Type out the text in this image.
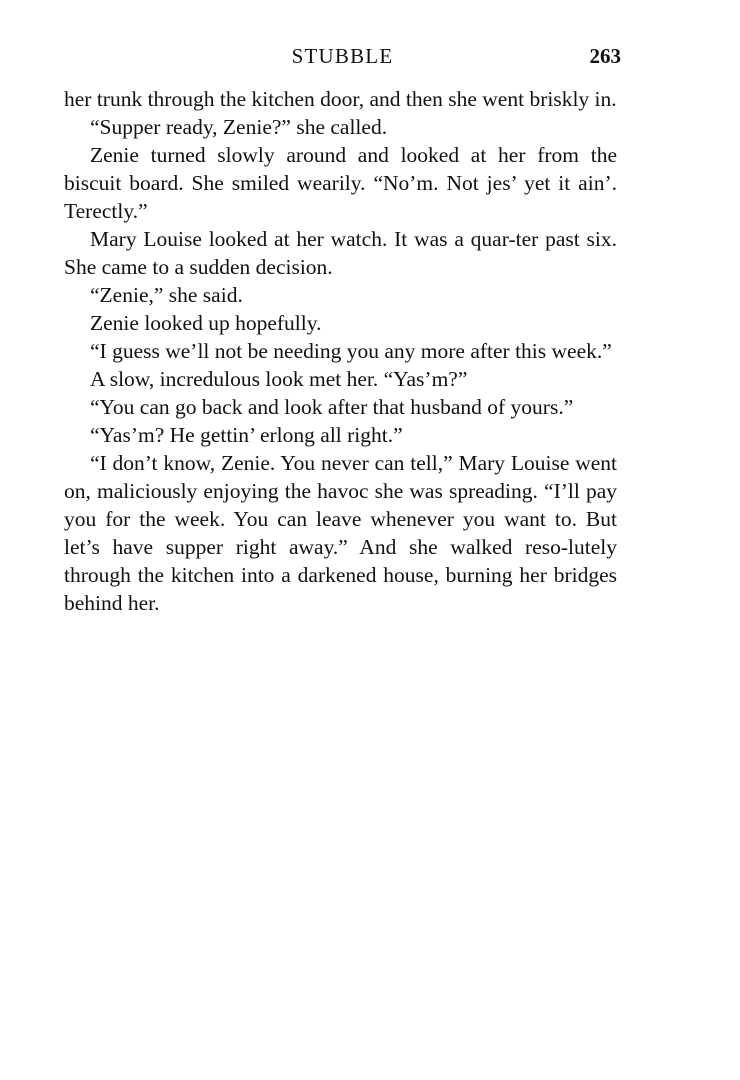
STUBBLE	263

her trunk through the kitchen door, and then she went briskly in.

“Supper ready, Zenie?” she called.

Zenie turned slowly around and looked at her from the biscuit board. She smiled wearily. “No’m. Not jes’ yet it ain’. Terectly.”

Mary Louise looked at her watch. It was a quar-ter past six. She came to a sudden decision.

“Zenie,” she said.

Zenie looked up hopefully.

“I guess we’ll not be needing you any more after this week.”

A slow, incredulous look met her. “Yas’m?”

“You can go back and look after that husband of yours.”

“Yas’m? He gettin’ erlong all right.”

“I don’t know, Zenie. You never can tell,” Mary Louise went on, maliciously enjoying the havoc she was spreading. “I’ll pay you for the week. You can leave whenever you want to. But let’s have supper right away.” And she walked reso-lutely through the kitchen into a darkened house, burning her bridges behind her.
